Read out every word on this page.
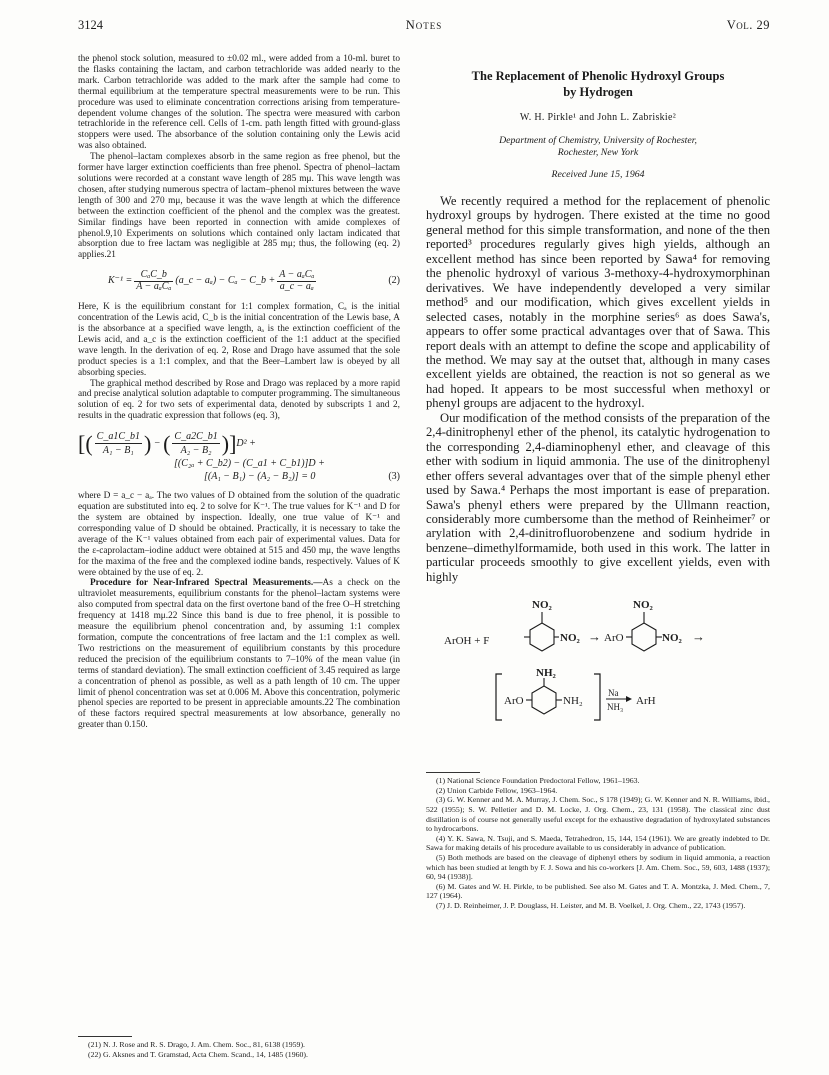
3124	Notes	Vol. 29

the phenol stock solution, measured to ±0.02 ml., were added from a 10-ml. buret to the flasks containing the lactam, and carbon tetrachloride was added nearly to the mark. Carbon tetrachloride was added to the mark after the sample had come to thermal equilibrium at the temperature spectral measurements were to be run. This procedure was used to eliminate concentration corrections arising from temperature-dependent volume changes of the solution. The spectra were measured with carbon tetrachloride in the reference cell. Cells of 1-cm. path length fitted with ground-glass stoppers were used. The absorbance of the solution containing only the Lewis acid was also obtained.

The phenol–lactam complexes absorb in the same region as free phenol, but the former have larger extinction coefficients than free phenol. Spectra of phenol–lactam solutions were recorded at a constant wave length of 285 mμ. This wave length was chosen, after studying numerous spectra of lactam–phenol mixtures between the wave length of 300 and 270 mμ, because it was the wave length at which the difference between the extinction coefficient of the phenol and the complex was the greatest. Similar findings have been reported in connection with amide complexes of phenol.9,10 Experiments on solutions which contained only lactam indicated that absorption due to free lactam was negligible at 285 mμ; thus, the following (eq. 2) applies.21

$K^{-1} = \frac{\text{CₐC\_b}}{\text{A − aₐCₐ}}$ (a_c − aₐ) − Cₐ − C_b + $\frac{\text{A − aₐCₐ}}{\text{a\_c − aₐ}}$	(2)

Here, K is the equilibrium constant for 1:1 complex formation, Cₐ is the initial concentration of the Lewis acid, C_b is the initial concentration of the Lewis base, A is the absorbance at a specified wave length, aₐ is the extinction coefficient of the Lewis acid, and a_c is the extinction coefficient of the 1:1 adduct at the specified wave length. In the derivation of eq. 2, Rose and Drago have assumed that the sole product species is a 1:1 complex, and that the Beer–Lambert law is obeyed by all absorbing species.

The graphical method described by Rose and Drago was replaced by a more rapid and precise analytical solution adaptable to computer programming. The simultaneous solution of eq. 2 for two sets of experimental data, denoted by subscripts 1 and 2, results in the quadratic expression that follows (eq. 3),

[( $\frac{C\_a1C\_b1}{\text{A₁ − B₁}}$ ) − ( $\frac{C\_a2C\_b1}{\text{A₂ − B₂}}$ )] D² +
[(C₂ₐ + C_b2) − (C_a1 + C_b1)]D +
[(A₁ − B₁) − (A₂ − B₂)] = 0	(3)

where D = a_c − aₐ. The two values of D obtained from the solution of the quadratic equation are substituted into eq. 2 to solve for K⁻¹. The true values for K⁻¹ and D for the system are obtained by inspection. Ideally, one true value of K⁻¹ and corresponding value of D should be obtained. Practically, it is necessary to take the average of the K⁻¹ values obtained from each pair of experimental values. Data for the ε-caprolactam–iodine adduct were obtained at 515 and 450 mμ, the wave lengths for the maxima of the free and the complexed iodine bands, respectively. Values of K were obtained by the use of eq. 2.

Procedure for Near-Infrared Spectral Measurements.—As a check on the ultraviolet measurements, equilibrium constants for the phenol–lactam systems were also computed from spectral data on the first overtone band of the free O–H stretching frequency at 1418 mμ.22 Since this band is due to free phenol, it is possible to measure the equilibrium phenol concentration and, by assuming 1:1 complex formation, compute the concentrations of free lactam and the 1:1 complex as well. Two restrictions on the measurement of equilibrium constants by this procedure reduced the precision of the equilibrium constants to 7–10% of the mean value (in terms of standard deviation). The small extinction coefficient of 3.45 required as large a concentration of phenol as possible, as well as a path length of 10 cm. The upper limit of phenol concentration was set at 0.006 M. Above this concentration, polymeric phenol species are reported to be present in appreciable amounts.22 The combination of these factors required spectral measurements at low absorbance, generally no greater than 0.150.

(21) N. J. Rose and R. S. Drago, J. Am. Chem. Soc., 81, 6138 (1959).
(22) G. Aksnes and T. Gramstad, Acta Chem. Scand., 14, 1485 (1960).
The Replacement of Phenolic Hydroxyl Groups
by Hydrogen
W. H. Pirkle¹ and John L. Zabriskie²
Department of Chemistry, University of Rochester,
Rochester, New York
Received June 15, 1964

We recently required a method for the replacement of phenolic hydroxyl groups by hydrogen. There existed at the time no good general method for this simple transformation, and none of the then reported³ procedures regularly gives high yields, although an excellent method has since been reported by Sawa⁴ for removing the phenolic hydroxyl of various 3-methoxy-4-hydroxymorphinan derivatives. We have independently developed a very similar method⁵ and our modification, which gives excellent yields in selected cases, notably in the morphine series⁶ as does Sawa's, appears to offer some practical advantages over that of Sawa. This report deals with an attempt to define the scope and applicability of the method. We may say at the outset that, although in many cases excellent yields are obtained, the reaction is not so general as we had hoped. It appears to be most successful when methoxyl or phenyl groups are adjacent to the hydroxyl.

Our modification of the method consists of the preparation of the 2,4-dinitrophenyl ether of the phenol, its catalytic hydrogenation to the corresponding 2,4-diaminophenyl ether, and cleavage of this ether with sodium in liquid ammonia. The use of the dinitrophenyl ether offers several advantages over that of the simple phenyl ether used by Sawa.⁴ Perhaps the most important is ease of preparation. Sawa's phenyl ethers were prepared by the Ullmann reaction, considerably more cumbersome than the method of Reinheimer⁷ or arylation with 2,4-dinitrofluorobenzene and sodium hydride in benzene–dimethylformamide, both used in this work. The latter in particular proceeds smoothly to give excellent yields, even with highly

ArOH + F
NO₂
NO₂ → ArO
NO₂
NO₂ →
ArO
NH₂
NH₂
Na
NH₃ ArH
(1) National Science Foundation Predoctoral Fellow, 1961–1963.
(2) Union Carbide Fellow, 1963–1964.
(3) G. W. Kenner and M. A. Murray, J. Chem. Soc., S 178 (1949); G. W. Kenner and N. R. Williams, ibid., 522 (1955); S. W. Pelletier and D. M. Locke, J. Org. Chem., 23, 131 (1958). The classical zinc dust distillation is of course not generally useful except for the exhaustive degradation of hydroxylated substances to hydrocarbons.
(4) Y. K. Sawa, N. Tsuji, and S. Maeda, Tetrahedron, 15, 144, 154 (1961). We are greatly indebted to Dr. Sawa for making details of his procedure available to us considerably in advance of publication.
(5) Both methods are based on the cleavage of diphenyl ethers by sodium in liquid ammonia, a reaction which has been studied at length by F. J. Sowa and his co-workers [J. Am. Chem. Soc., 59, 603, 1488 (1937); 60, 94 (1938)].
(6) M. Gates and W. H. Pirkle, to be published. See also M. Gates and T. A. Montzka, J. Med. Chem., 7, 127 (1964).
(7) J. D. Reinheimer, J. P. Douglass, H. Leister, and M. B. Voelkel, J. Org. Chem., 22, 1743 (1957).
